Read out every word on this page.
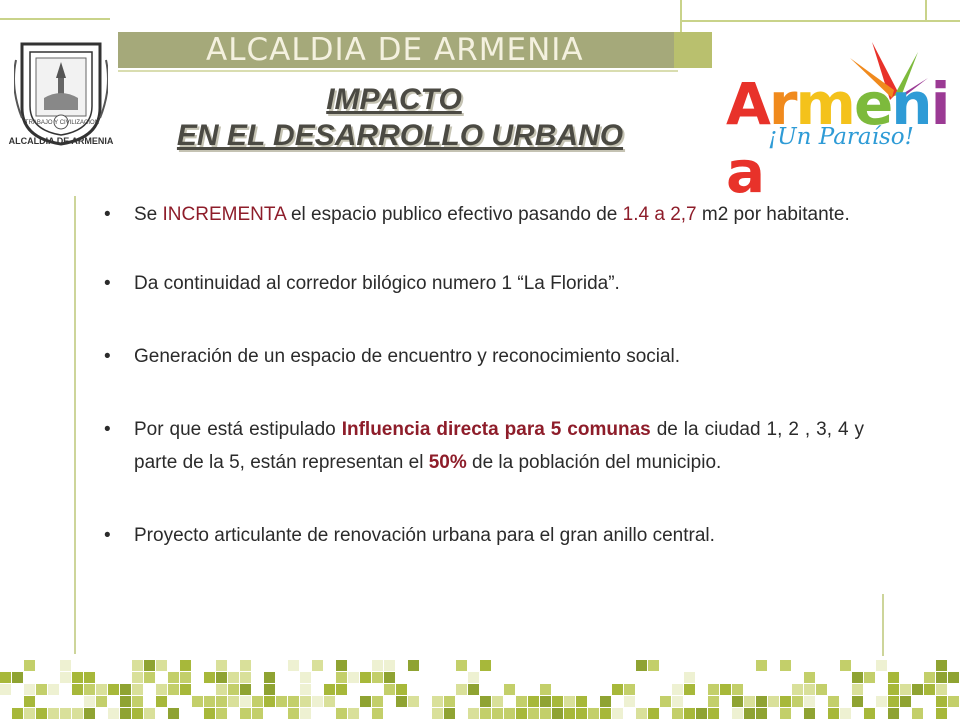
ALCALDIA DE ARMENIA
TRABAJO Y CIVILIZACION
ALCALDIA DE ARMENIA
Armenia
¡Un Paraíso!
IMPACTO
EN EL DESARROLLO URBANO
•	Se INCREMENTA el espacio publico efectivo pasando de 1.4 a 2,7 m2 por habitante.
•	Da continuidad al corredor bilógico numero 1 “La Florida”.
•	Generación de un espacio de encuentro y reconocimiento social.
•	Por que está estipulado Influencia directa para 5 comunas de la ciudad 1, 2 , 3, 4 y parte de la 5, están representan el 50% de la población del municipio.
•	Proyecto articulante de renovación urbana para el gran anillo central.
